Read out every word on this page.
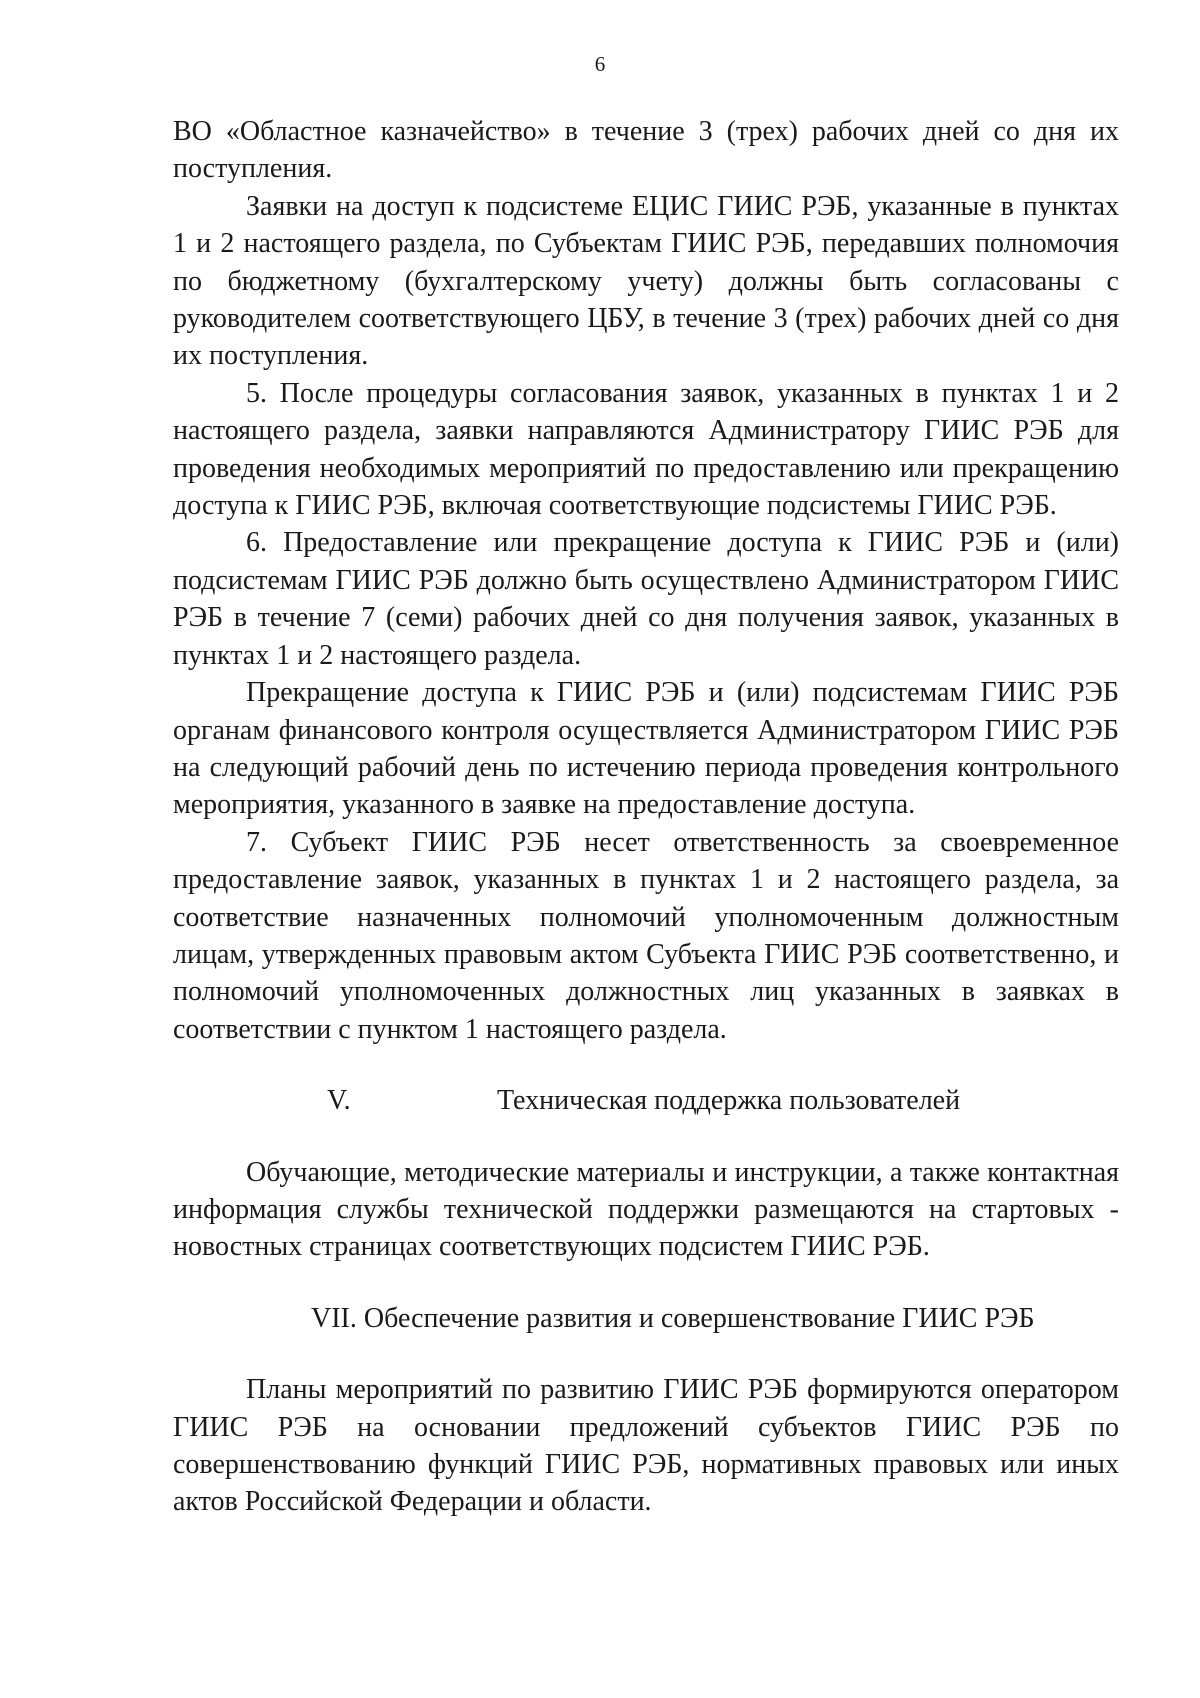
6

ВО «Областное казначейство» в течение 3 (трех) рабочих дней со дня их поступления.

Заявки на доступ к подсистеме ЕЦИС ГИИС РЭБ, указанные в пунктах 1 и 2 настоящего раздела, по Субъектам ГИИС РЭБ, передавших полномочия по бюджетному (бухгалтерскому учету) должны быть согласованы с руководителем соответствующего ЦБУ, в течение 3 (трех) рабочих дней со дня их поступления.

5. После процедуры согласования заявок, указанных в пунктах 1 и 2 настоящего раздела, заявки направляются Администратору ГИИС РЭБ для проведения необходимых мероприятий по предоставлению или прекращению доступа к ГИИС РЭБ, включая соответствующие подсистемы ГИИС РЭБ.

6. Предоставление или прекращение доступа к ГИИС РЭБ и (или) подсистемам ГИИС РЭБ должно быть осуществлено Администратором ГИИС РЭБ в течение 7 (семи) рабочих дней со дня получения заявок, указанных в пунктах 1 и 2 настоящего раздела.

Прекращение доступа к ГИИС РЭБ и (или) подсистемам ГИИС РЭБ органам финансового контроля осуществляется Администратором ГИИС РЭБ на следующий рабочий день по истечению периода проведения контрольного мероприятия, указанного в заявке на предоставление доступа.

7. Субъект ГИИС РЭБ несет ответственность за своевременное предоставление заявок, указанных в пунктах 1 и 2 настоящего раздела, за соответствие назначенных полномочий уполномоченным должностным лицам, утвержденных правовым актом Субъекта ГИИС РЭБ соответственно, и полномочий уполномоченных должностных лиц указанных в заявках в соответствии с пунктом 1 настоящего раздела.

V.	Техническая поддержка пользователей

Обучающие, методические материалы и инструкции, а также контактная информация службы технической поддержки размещаются на стартовых - новостных страницах соответствующих подсистем ГИИС РЭБ.

VII. Обеспечение развития и совершенствование ГИИС РЭБ

Планы мероприятий по развитию ГИИС РЭБ формируются оператором ГИИС РЭБ на основании предложений субъектов ГИИС РЭБ по совершенствованию функций ГИИС РЭБ, нормативных правовых или иных актов Российской Федерации и области.
